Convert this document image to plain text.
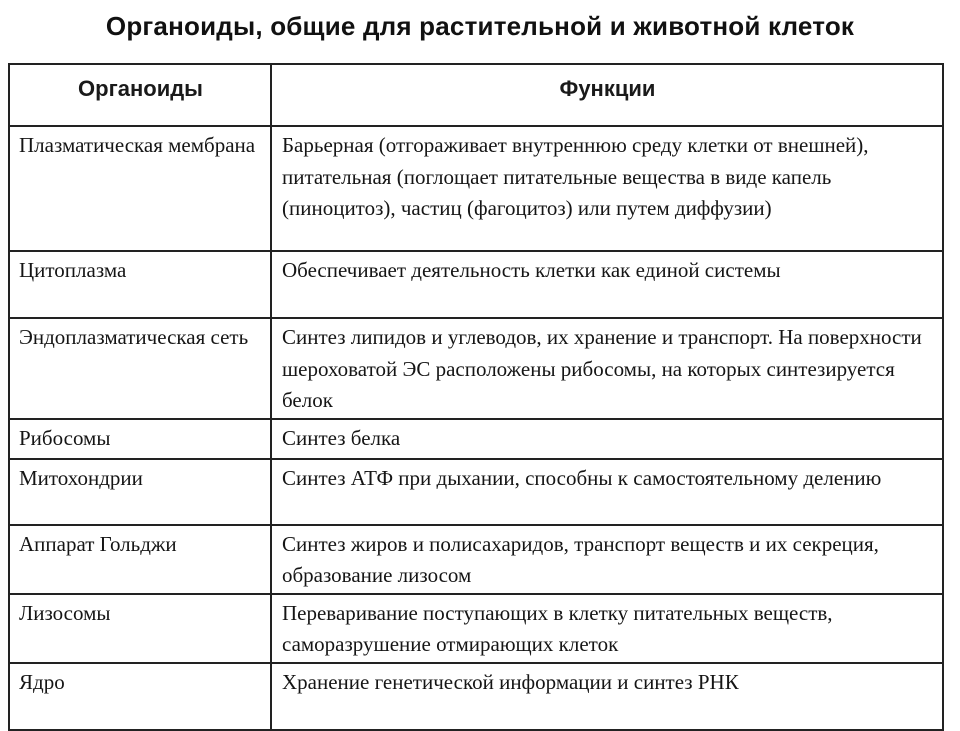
Органоиды, общие для растительной и животной клеток
Органоиды	Функции
Плазматическая мембрана	Барьерная (отгораживает внутреннюю среду клетки от внешней), питательная (поглощает питательные вещества в виде капель (пиноцитоз), частиц (фагоцитоз) или путем диффузии)
Цитоплазма	Обеспечивает деятельность клетки как единой системы
Эндоплазматическая сеть	Синтез липидов и углеводов, их хранение и транспорт. На поверхности шероховатой ЭС расположены рибосомы, на которых синтезируется белок
Рибосомы	Синтез белка
Митохондрии	Синтез АТФ при дыхании, способны к самостоятельному делению
Аппарат Гольджи	Синтез жиров и полисахаридов, транспорт веществ и их секреция, образование лизосом
Лизосомы	Переваривание поступающих в клетку питательных веществ, саморазрушение отмирающих клеток
Ядро	Хранение генетической информации и синтез РНК
